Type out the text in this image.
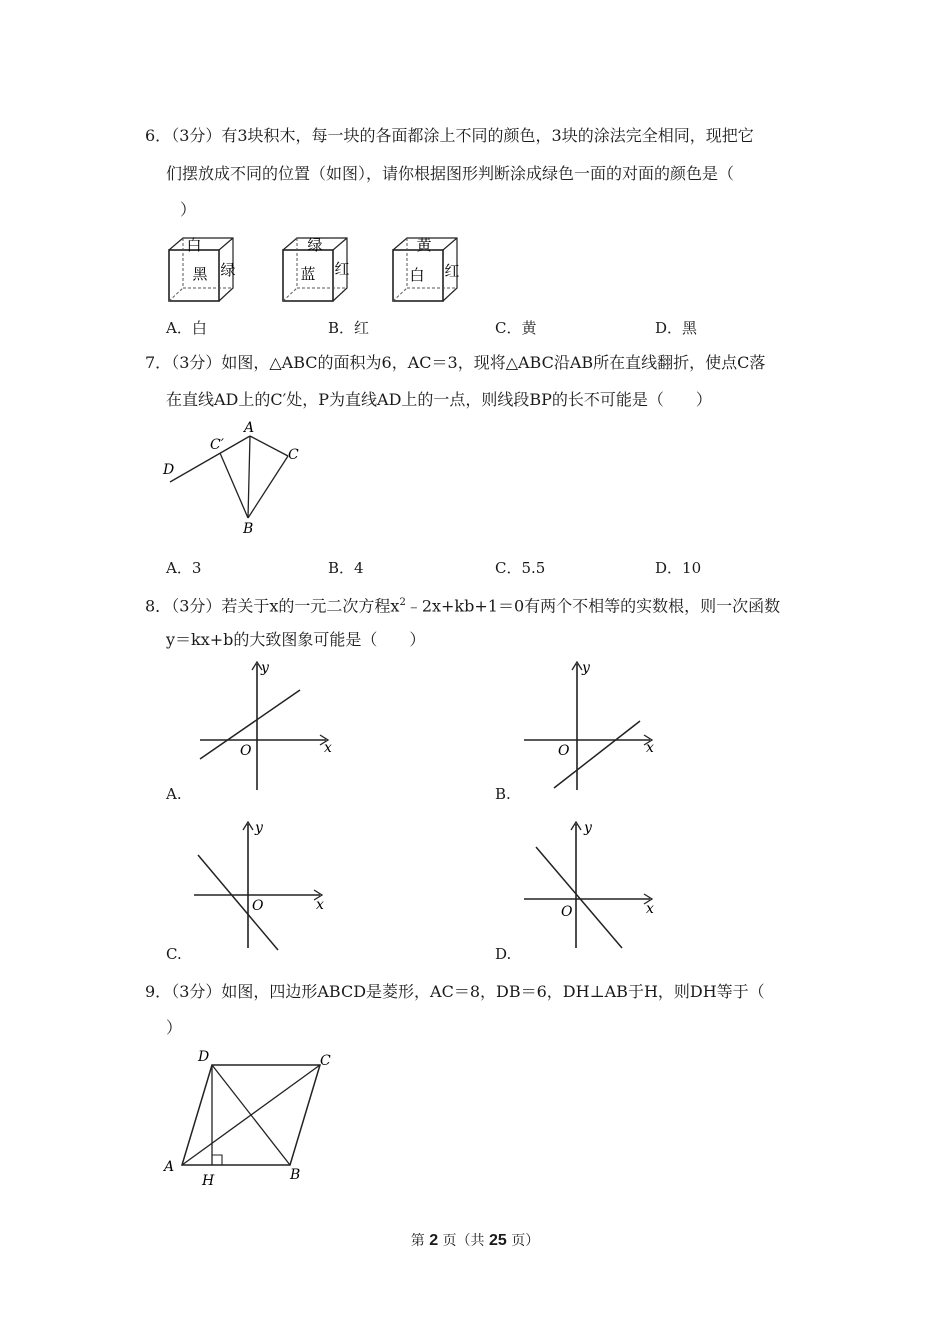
6．（3分）有3块积木，每一块的各面都涂上不同的颜色，3块的涂法完全相同，现把它
们摆放成不同的位置（如图），请你根据图形判断涂成绿色一面的对面的颜色是（
）
白
黑 绿
绿
蓝 红
黄
白 红
A．白	B．红	C．黄	D．黑
7．（3分）如图，△ABC的面积为6，AC＝3，现将△ABC沿AB所在直线翻折，使点C落
在直线AD上的C′处，P为直线AD上的一点，则线段BP的长不可能是（　　）
A
C′
C
D
B
A．3	B．4	C．5.5	D．10
8．（3分）若关于x的一元二次方程$x^2﹣2x+kb+1=0$有两个不相等的实数根，则一次函数
y＝kx+b的大致图象可能是（　　）
y
x
O
A.
y
x
O
B.
y
x
O
C.
y
x
O
D.
9．（3分）如图，四边形ABCD是菱形，AC＝8，DB＝6，DH⊥AB于H，则DH等于（
）
D	C
A	B
H
第 2 页（共 25 页）
